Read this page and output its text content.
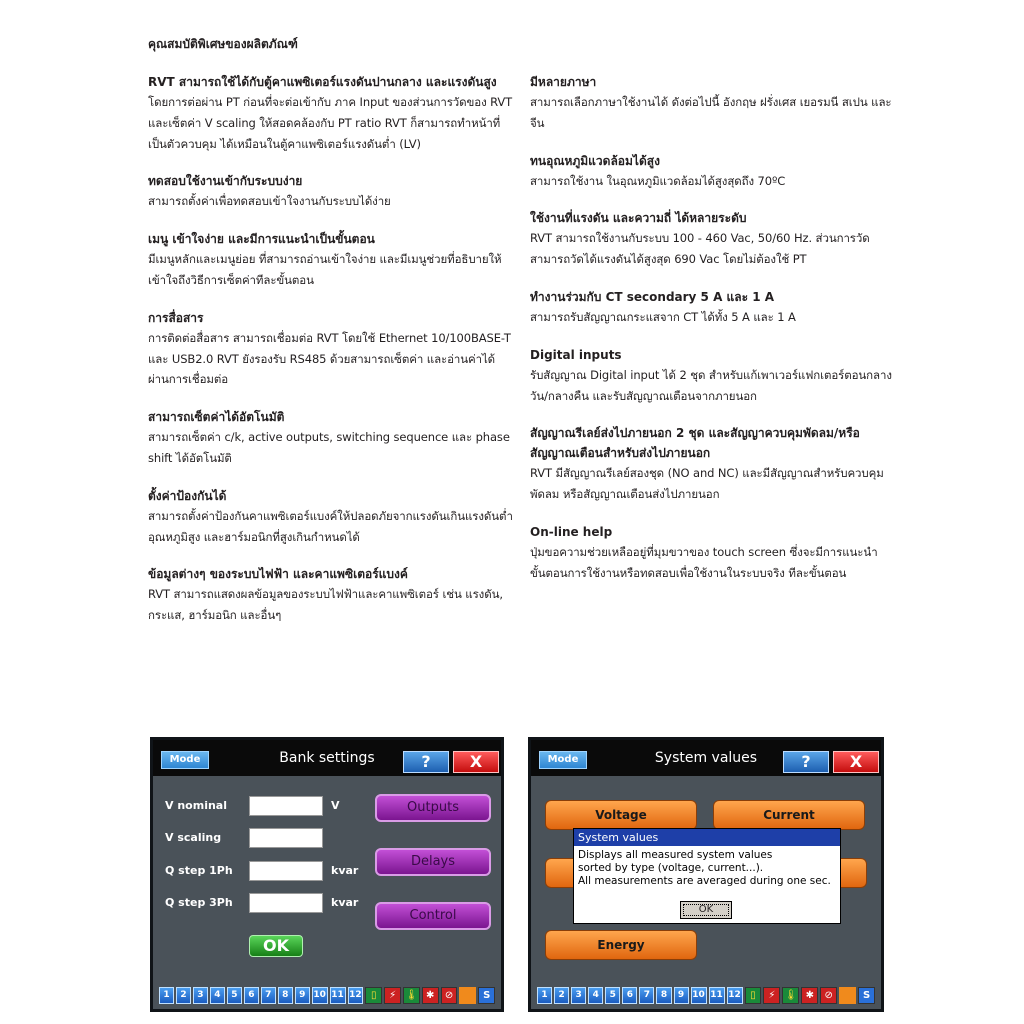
คุณสมบัติพิเศษของผลิตภัณฑ์
RVT สามารถใช้ได้กับตู้คาแพซิเตอร์แรงดันปานกลาง และแรงดันสูง

โดยการต่อผ่าน PT ก่อนที่จะต่อเข้ากับ ภาค Input ของส่วนการวัดของ RVT และเซ็ตค่า V scaling ให้สอดคล้องกับ PT ratio RVT ก็สามารถทำหน้าที่เป็นตัวควบคุม ได้เหมือนในตู้คาแพซิเตอร์แรงดันต่ำ (LV)

ทดสอบใช้งานเข้ากับระบบง่าย

สามารถตั้งค่าเพื่อทดสอบเข้าใจงานกับระบบได้ง่าย

เมนู เข้าใจง่าย และมีการแนะนำเป็นขั้นตอน

มีเมนูหลักและเมนูย่อย ที่สามารถอ่านเข้าใจง่าย และมีเมนูช่วยที่อธิบายให้เข้าใจถึงวิธีการเซ็ตค่าทีละขั้นตอน

การสื่อสาร

การติดต่อสื่อสาร สามารถเชื่อมต่อ RVT โดยใช้ Ethernet 10/100BASE-T และ USB2.0 RVT ยังรองรับ RS485 ด้วยสามารถเซ็ตค่า และอ่านค่าได้ผ่านการเชื่อมต่อ

สามารถเซ็ตค่าได้อัตโนมัติ

สามารถเซ็ตค่า c/k, active outputs, switching sequence และ phase shift ได้อัตโนมัติ

ตั้งค่าป้องกันได้

สามารถตั้งค่าป้องกันคาแพซิเตอร์แบงค์ให้ปลอดภัยจากแรงดันเกินแรงดันต่ำ อุณหภูมิสูง และฮาร์มอนิกที่สูงเกินกำหนดได้

ข้อมูลต่างๆ ของระบบไฟฟ้า และคาแพซิเตอร์แบงค์

RVT สามารถแสดงผลข้อมูลของระบบไฟฟ้าและคาแพซิเตอร์ เช่น แรงดัน, กระแส, ฮาร์มอนิก และอื่นๆ

มีหลายภาษา

สามารถเลือกภาษาใช้งานได้ ดังต่อไปนี้ อังกฤษ ฝรั่งเศส เยอรมนี สเปน และจีน

ทนอุณหภูมิแวดล้อมได้สูง

สามารถใช้งาน ในอุณหภูมิแวดล้อมได้สูงสุดถึง 70ºC

ใช้งานที่แรงดัน และความถี่ ได้หลายระดับ

RVT สามารถใช้งานกับระบบ 100 - 460 Vac, 50/60 Hz. ส่วนการวัดสามารถวัดได้แรงดันได้สูงสุด 690 Vac โดยไม่ต้องใช้ PT

ทำงานร่วมกับ CT secondary 5 A และ 1 A

สามารถรับสัญญาณกระแสจาก CT ได้ทั้ง 5 A และ 1 A

Digital inputs

รับสัญญาณ Digital input ได้ 2 ชุด สำหรับแก้เพาเวอร์แฟกเตอร์ตอนกลางวัน/กลางคืน และรับสัญญาณเตือนจากภายนอก

สัญญาณรีเลย์ส่งไปภายนอก 2 ชุด และสัญญาควบคุมพัดลม/หรือสัญญาณเตือนสำหรับส่งไปภายนอก

RVT มีสัญญาณรีเลย์สองชุด (NO and NC) และมีสัญญาณสำหรับควบคุมพัดลม หรือสัญญาณเตือนส่งไปภายนอก

On-line help

ปุ่มขอความช่วยเหลืออยู่ที่มุมขวาของ touch screen ซึ่งจะมีการแนะนำขั้นตอนการใช้งานหรือทดสอบเพื่อใช้งานในระบบจริง ทีละขั้นตอน

Mode	Bank settings	?	X
V nominal	V
V scaling
Q step 1Ph	kvar
Q step 3Ph	kvar
Outputs
Delays
Control
OK
1	2	3	4	5	6	7	8	9 10 11 12 ▯	⚡ 🌡 ✱	⊘	S
Mode	System values	?	X
Voltage	Current
Energy
System values
Displays all measured system values
sorted by type (voltage, current...).
All measurements are averaged during one sec.
OK
1	2	3	4	5	6	7	8	9 10 11 12 ▯	⚡ 🌡 ✱	⊘	S
